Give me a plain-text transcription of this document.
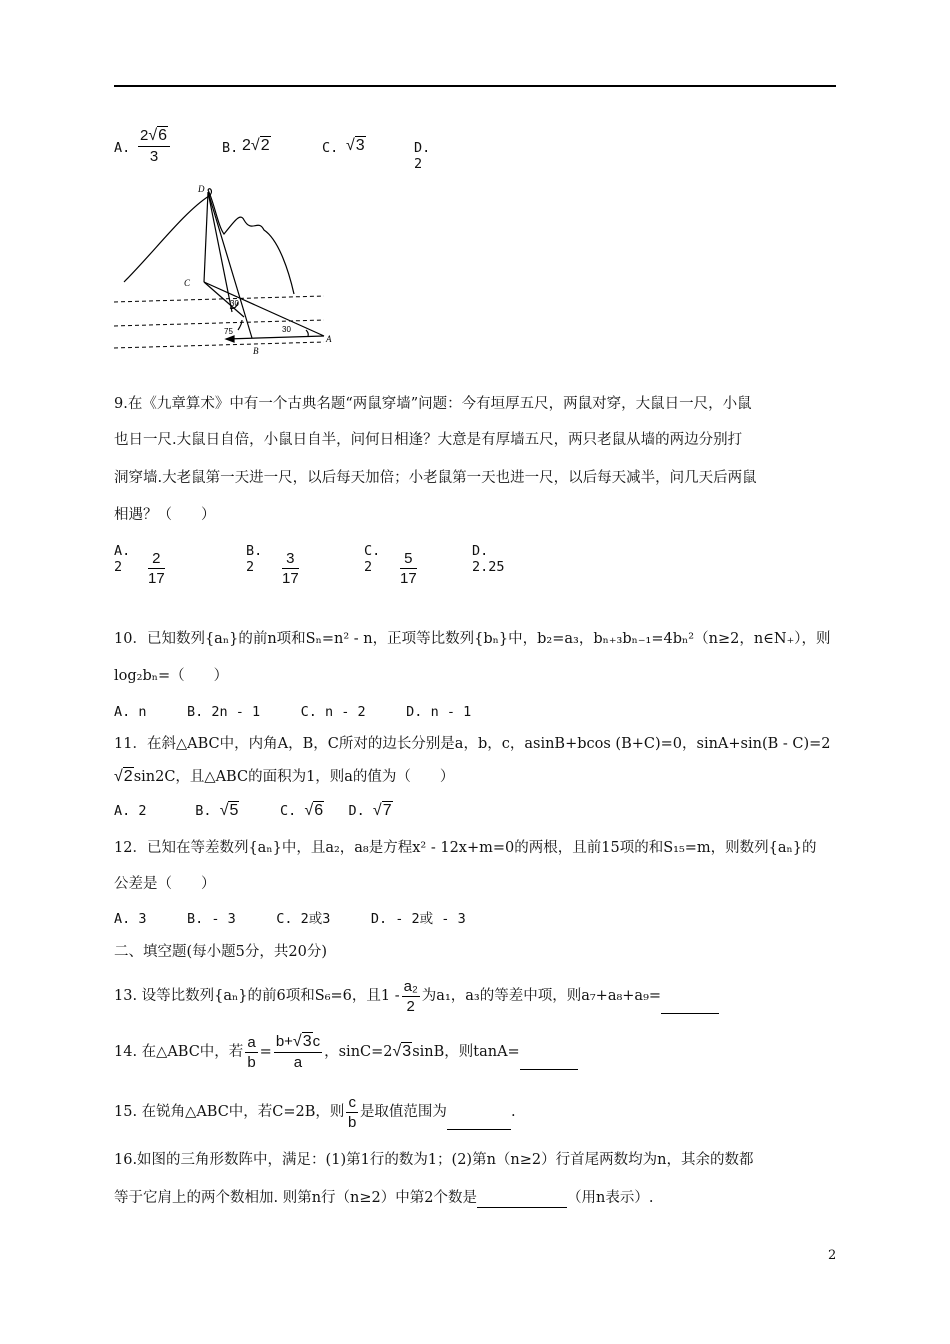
A. $\frac{2√6}{3}$	B. 2√2	C. √3	D. 2
D
C
B
A
30
75	30
9.在《九章算术》中有一个古典名题“两鼠穿墙”问题：今有垣厚五尺，两鼠对穿，大鼠日一尺，小鼠
也日一尺.大鼠日自倍，小鼠日自半，问何日相逢？大意是有厚墙五尺，两只老鼠从墙的两边分别打
洞穿墙.大老鼠第一天进一尺，以后每天加倍；小老鼠第一天也进一尺，以后每天减半，问几天后两鼠
相遇？（　　）
A. 2	$\frac{2}{17}$	B. 2	$\frac{3}{17}$	C. 2	$\frac{5}{17}$	D. 2.25
10．已知数列{aₙ}的前n项和Sₙ=n² - n，正项等比数列{bₙ}中，b₂=a₃，bₙ₊₃bₙ₋₁=4bₙ²（n≥2，n∈N₊），则
log₂bₙ=（　　）
A. n　　　B. 2n - 1　　　C. n - 2　　　D. n - 1
11．在斜△ABC中，内角A，B，C所对的边长分别是a，b，c，asinB+bcos (B+C)=0，sinA+sin(B - C)=2
√2sin2C，且△ABC的面积为1，则a的值为（　　）
A. 2	B. √5	C. √6 D. √7
12．已知在等差数列{aₙ}中，且a₂，a₈是方程x² - 12x+m=0的两根，且前15项的和S₁₅=m，则数列{aₙ}的
公差是（　　）
A. 3　　　B. - 3　　　C. 2或3　　　D. - 2或 - 3
二、填空题(每小题5分，共20分)
13. 设等比数列{aₙ}的前6项和S₆=6，且$1 - \frac{\text{a₂}}{2}$ 为a₁，a₃的等差中项，则a₇+a₈+a₉=
14. 在△ABC中，若 $\frac{a}{b} = \frac{b+√3c}{a}$ ，sinC=2√3sinB，则tanA=
15. 在锐角△ABC中，若C=2B，则 $\frac{c}{b}$ 是取值范围为	.
16.如图的三角形数阵中，满足：(1)第1行的数为1；(2)第n（n≥2）行首尾两数均为n，其余的数都
等于它肩上的两个数相加. 则第n行（n≥2）中第2个数是	（用n表示）.
2
